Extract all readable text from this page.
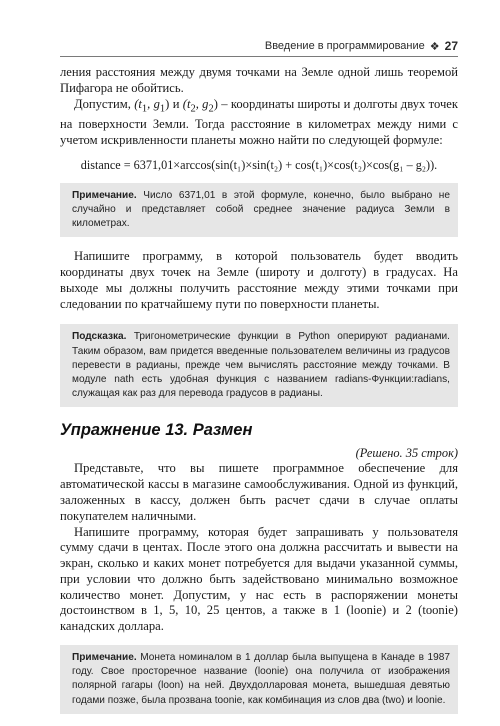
Введение в программирование ❖ 27

ления расстояния между двумя точками на Земле одной лишь теоремой Пифагора не обойтись.

Допустим, ($t_1$, $g_1$) и ($t_2$, $g_2$) – координаты широты и долготы двух точек на поверхности Земли. Тогда расстояние в километрах между ними с учетом искривленности планеты можно найти по следующей формуле:

distance = 6371,01×arccos(sin(t₁)×sin(t₂) + cos(t₁)×cos(t₂)×cos(g₁ – g₂)).
Примечание. Число 6371,01 в этой формуле, конечно, было выбрано не случайно и представляет собой среднее значение радиуса Земли в километрах.

Напишите программу, в которой пользователь будет вводить координаты двух точек на Земле (широту и долготу) в градусах. На выходе мы должны получить расстояние между этими точками при следовании по кратчайшему пути по поверхности планеты.

Подсказка. Тригонометрические функции в Python оперируют радианами. Таким образом, вам придется введенные пользователем величины из градусов перевести в радианы, прежде чем вычислять расстояние между точками. В модуле nath есть удобная функция с названием radians-Функции:radians, служащая как раз для перевода градусов в радианы.
Упражнение 13. Размен
(Решено. 35 строк)

Представьте, что вы пишете программное обеспечение для автоматической кассы в магазине самообслуживания. Одной из функций, заложенных в кассу, должен быть расчет сдачи в случае оплаты покупателем наличными.

Напишите программу, которая будет запрашивать у пользователя сумму сдачи в центах. После этого она должна рассчитать и вывести на экран, сколько и каких монет потребуется для выдачи указанной суммы, при условии что должно быть задействовано минимально возможное количество монет. Допустим, у нас есть в распоряжении монеты достоинством в 1, 5, 10, 25 центов, а также в 1 (loonie) и 2 (toonie) канадских доллара.

Примечание. Монета номиналом в 1 доллар была выпущена в Канаде в 1987 году. Свое просторечное название (loonie) она получила от изображения полярной гагары (loon) на ней. Двухдолларовая монета, вышедшая девятью годами позже, была прозвана toonie, как комбинация из слов два (two) и loonie.
